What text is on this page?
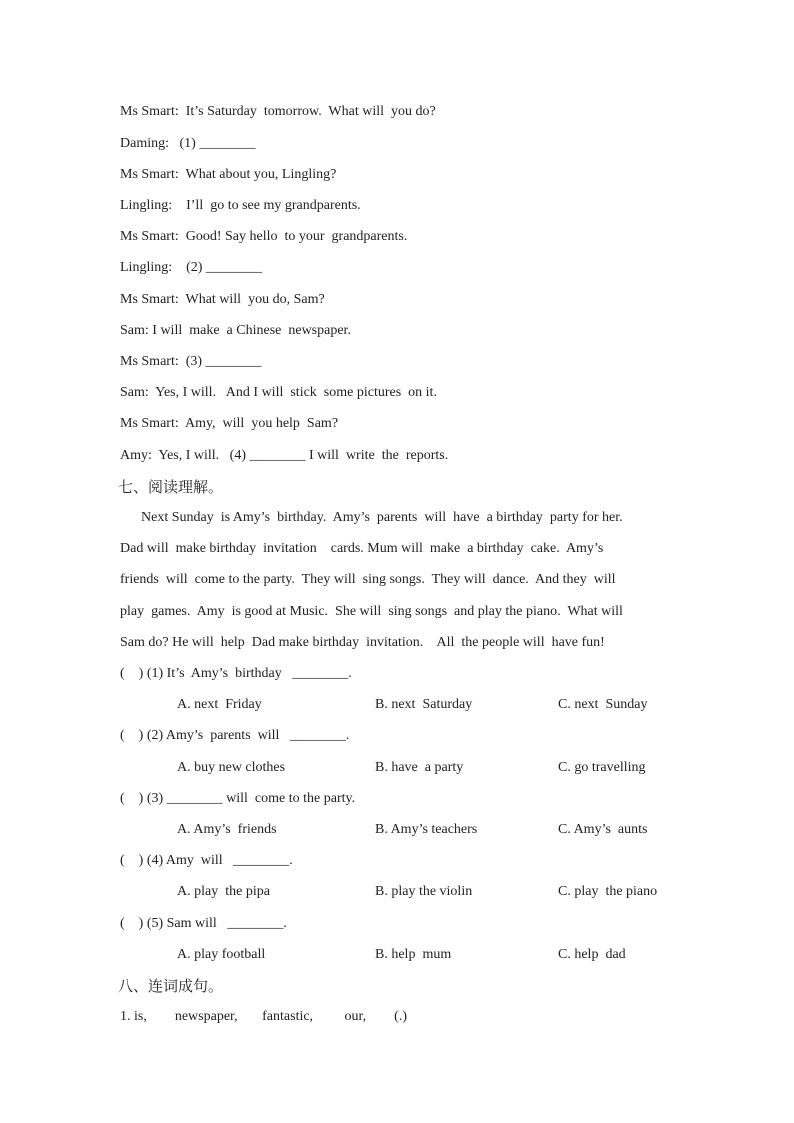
Ms Smart:  It’s Saturday  tomorrow.  What will  you do?
Daming:   (1) ________
Ms Smart:  What about you, Lingling?
Lingling:    I’ll  go to see my grandparents.
Ms Smart:  Good! Say hello  to your  grandparents.
Lingling:    (2) ________
Ms Smart:  What will  you do, Sam?
Sam: I will  make  a Chinese  newspaper.
Ms Smart:  (3) ________
Sam:  Yes, I will.   And I will  stick  some pictures  on it.
Ms Smart:  Amy,  will  you help  Sam?
Amy:  Yes, I will.   (4) ________ I will  write  the  reports.
七、阅读理解。
Next Sunday  is Amy’s  birthday.  Amy’s  parents  will  have  a birthday  party for her.
Dad will  make birthday  invitation    cards. Mum will  make  a birthday  cake.  Amy’s
friends  will  come to the party.  They will  sing songs.  They will  dance.  And they  will
play  games.  Amy  is good at Music.  She will  sing songs  and play the piano.  What will
Sam do? He will  help  Dad make birthday  invitation.    All  the people will  have fun!
(    ) (1) It’s  Amy’s  birthday   ________.
A. next  Friday	B. next  Saturday	C. next  Sunday
(    ) (2) Amy’s  parents  will   ________.
A. buy new clothes	B. have  a party	C. go travelling
(    ) (3) ________ will  come to the party.
A. Amy’s  friends	B. Amy’s teachers	C. Amy’s  aunts
(    ) (4) Amy  will   ________.
A. play  the pipa	B. play the violin	C. play  the piano
(    ) (5) Sam will   ________.
A. play football	B. help  mum	C. help  dad
八、连词成句。
1. is,        newspaper,       fantastic,         our,        (.)
